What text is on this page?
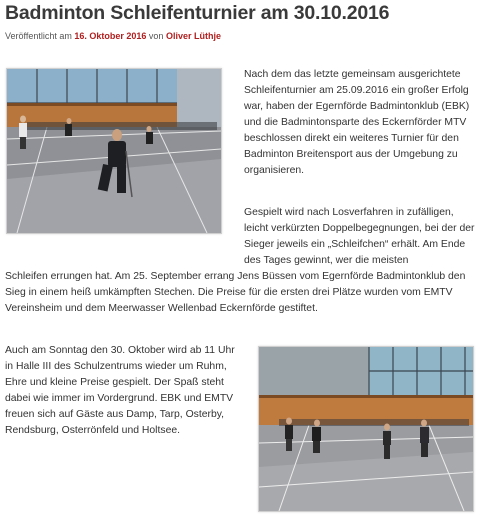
Badminton Schleifenturnier am 30.10.2016
Veröffentlicht am 16. Oktober 2016 von Oliver Lüthje
Nach dem das letzte gemeinsam ausgerichtete Schleifenturnier am 25.09.2016 ein großer Erfolg war, haben der Egernförde Badmintonklub (EBK) und die Badmintonsparte des Eckernförder MTV beschlossen direkt ein weiteres Turnier für den Badminton Breitensport aus der Umgebung zu organisieren.
Gespielt wird nach Losverfahren in zufälligen, leicht verkürzten Doppelbegegnungen, bei der der Sieger jeweils ein „Schleifchen“ erhält. Am Ende des Tages gewinnt, wer die meisten
Schleifen errungen hat. Am 25. September errang Jens Büssen vom Egernförde Badmintonklub den Sieg in einem heiß umkämpften Stechen. Die Preise für die ersten drei Plätze wurden vom EMTV Vereinsheim und dem Meerwasser Wellenbad Eckernförde gestiftet.
Auch am Sonntag den 30. Oktober wird ab 11 Uhr in Halle III des Schulzentrums wieder um Ruhm, Ehre und kleine Preise gespielt. Der Spaß steht dabei wie immer im Vordergrund. EBK und EMTV freuen sich auf Gäste aus Damp, Tarp, Osterby, Rendsburg, Osterrönfeld und Holtsee.
